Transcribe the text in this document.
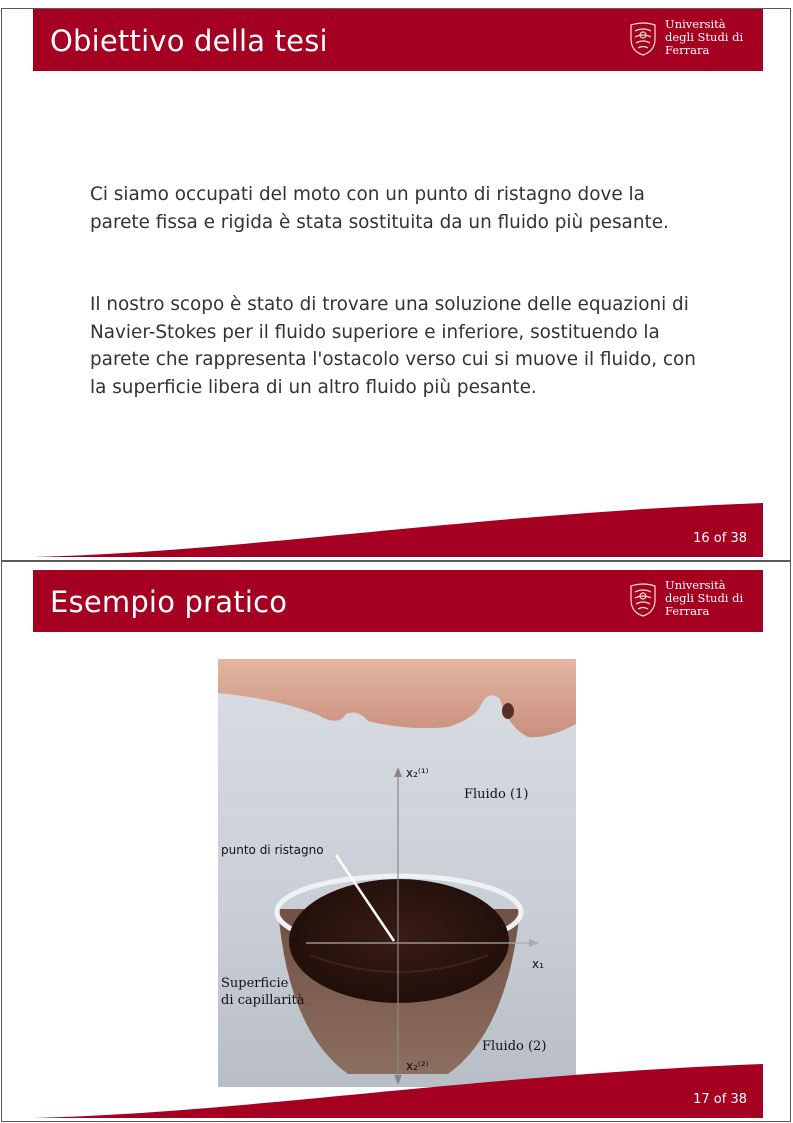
Obiettivo della tesi	Università
degli Studi di
Ferrara
Ci siamo occupati del moto con un punto di ristagno dove la parete fissa e rigida è stata sostituita da un fluido più pesante.
Il nostro scopo è stato di trovare una soluzione delle equazioni di Navier-Stokes per il fluido superiore e inferiore, sostituendo la parete che rappresenta l'ostacolo verso cui si muove il fluido, con la superficie libera di un altro fluido più pesante.
16 of 38
Esempio pratico	Università
degli Studi di
Ferrara
x₂⁽¹⁾
Fluido (1)
punto di ristagno
x₁
Superficie
di capillarità
Fluido (2)
x₂⁽²⁾
17 of 38
